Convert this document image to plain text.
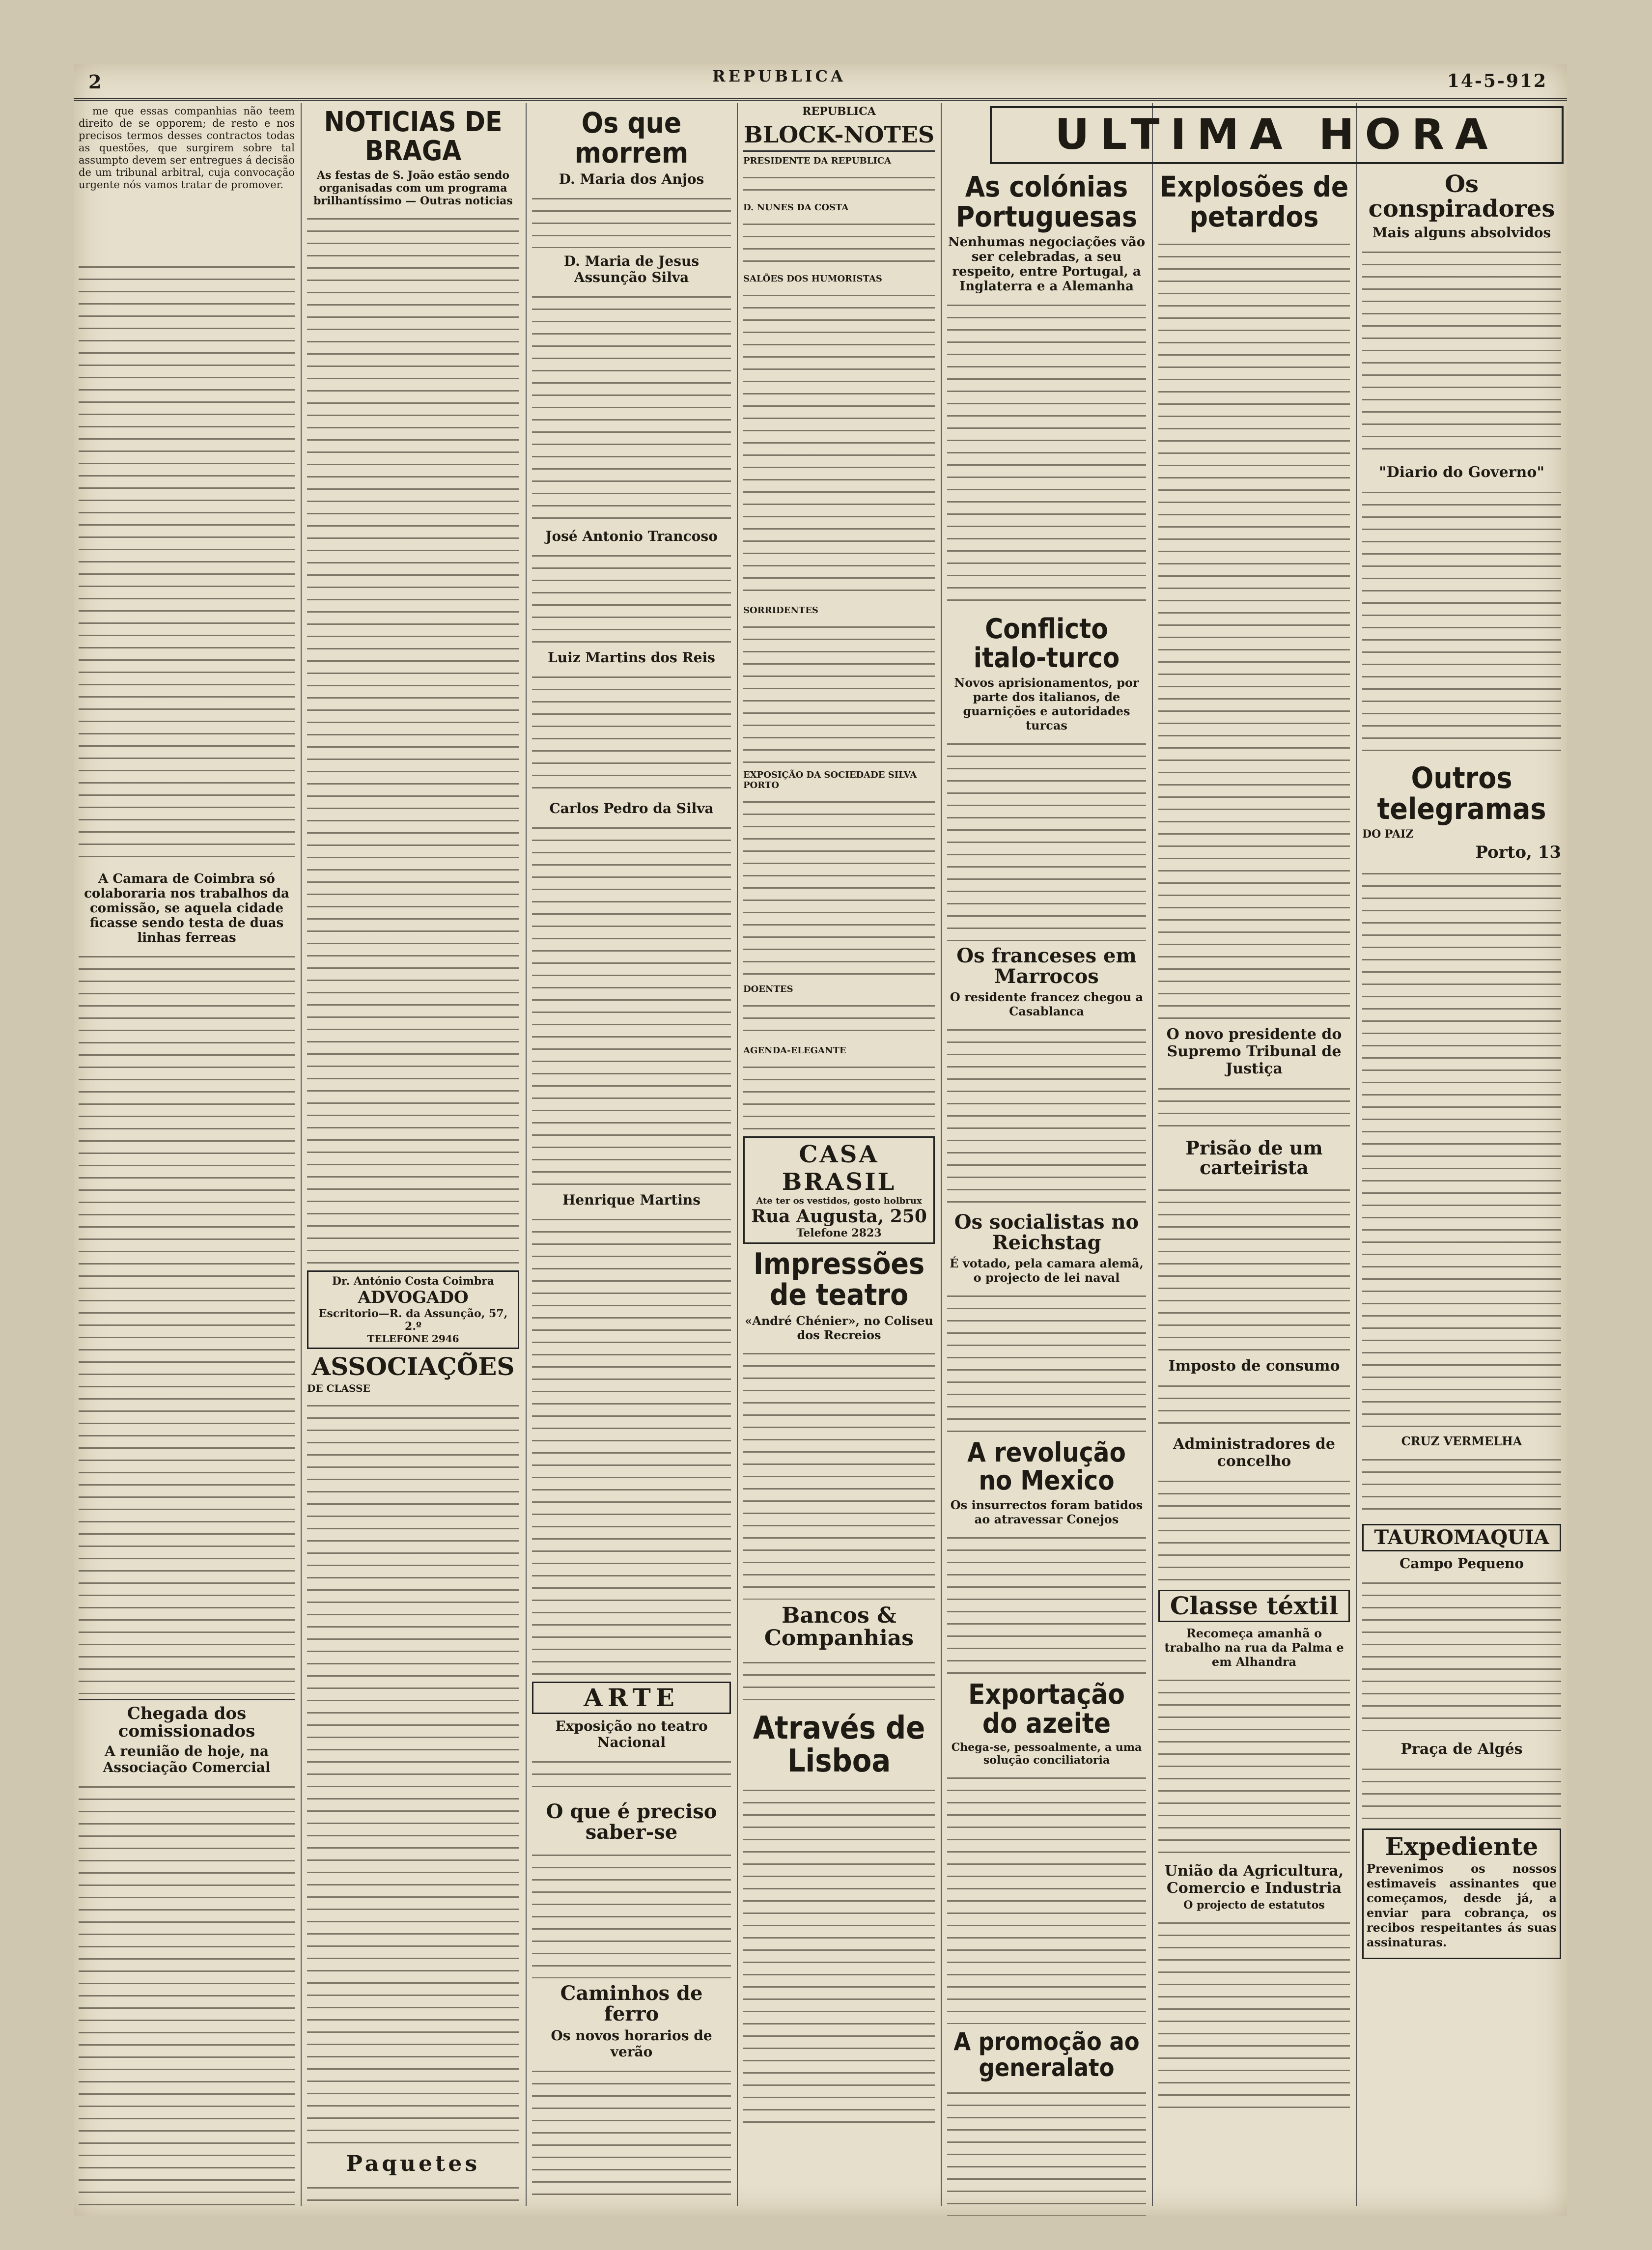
2	REPUBLICA	14-5-912
me que essas companhias não teem direito de se opporem; de resto e nos precisos termos desses contractos todas as questões, que surgirem sobre tal assumpto devem ser entregues á decisão de um tribunal arbitral, cuja convocação urgente nós vamos tratar de promover.
A Camara de Coimbra só colaboraria nos trabalhos da comissão, se aquela cidade ficasse sendo testa de duas linhas ferreas
Chegada dos comissionados
A reunião de hoje, na Associação Comercial
NOTICIAS DE BRAGA
As festas de S. João estão sendo organisadas com um programa brilhantíssimo — Outras noticias
Dr. António Costa Coimbra
ADVOGADO
Escritorio—R. da Assunção, 57, 2.º
TELEFONE 2946
ASSOCIAÇÕES
DE CLASSE
Paquetes
Os que morrem
D. Maria dos Anjos
D. Maria de Jesus Assunção Silva
José Antonio Trancoso
Luiz Martins dos Reis
Carlos Pedro da Silva
Henrique Martins
ARTE
Exposição no teatro Nacional
O que é preciso saber-se
Caminhos de ferro
Os novos horarios de verão
REPUBLICA
BLOCK-NOTES
PRESIDENTE DA REPUBLICA
D. NUNES DA COSTA
SALÕES DOS HUMORISTAS
SORRIDENTES
EXPOSIÇÃO DA SOCIEDADE SILVA PORTO
DOENTES
AGENDA-ELEGANTE
CASA BRASIL
Ate ter os vestidos, gosto holbrux
Rua Augusta, 250
Telefone 2823
Impressões de teatro
«André Chénier», no Coliseu dos Recreios
Bancos & Companhias
Através de Lisboa
ULTIMA HORA
As colónias Portuguesas
Nenhumas negociações vão ser celebradas, a seu respeito, entre Portugal, a Inglaterra e a Alemanha
Conflicto italo-turco
Novos aprisionamentos, por parte dos italianos, de guarnições e autoridades turcas
Os franceses em Marrocos
O residente francez chegou a Casablanca
Os socialistas no Reichstag
É votado, pela camara alemã, o projecto de lei naval
A revolução no Mexico
Os insurrectos foram batidos ao atravessar Conejos
Exportação do azeite
Chega-se, pessoalmente, a uma solução conciliatoria
A promoção ao generalato
Explosões de petardos
O novo presidente do Supremo Tribunal de Justiça
Prisão de um carteirista
Imposto de consumo
Administradores de concelho
Classe téxtil
Recomeça amanhã o trabalho na rua da Palma e em Alhandra
União da Agricultura, Comercio e Industria
O projecto de estatutos
Os conspiradores
Mais alguns absolvidos
"Diario do Governo"
Outros telegramas
DO PAIZ
Porto, 13
CRUZ VERMELHA
TAUROMAQUIA
Campo Pequeno
Praça de Algés
Expediente
Prevenimos os nossos estimaveis assinantes que começamos, desde já, a enviar para cobrança, os recibos respeitantes ás suas assinaturas.
